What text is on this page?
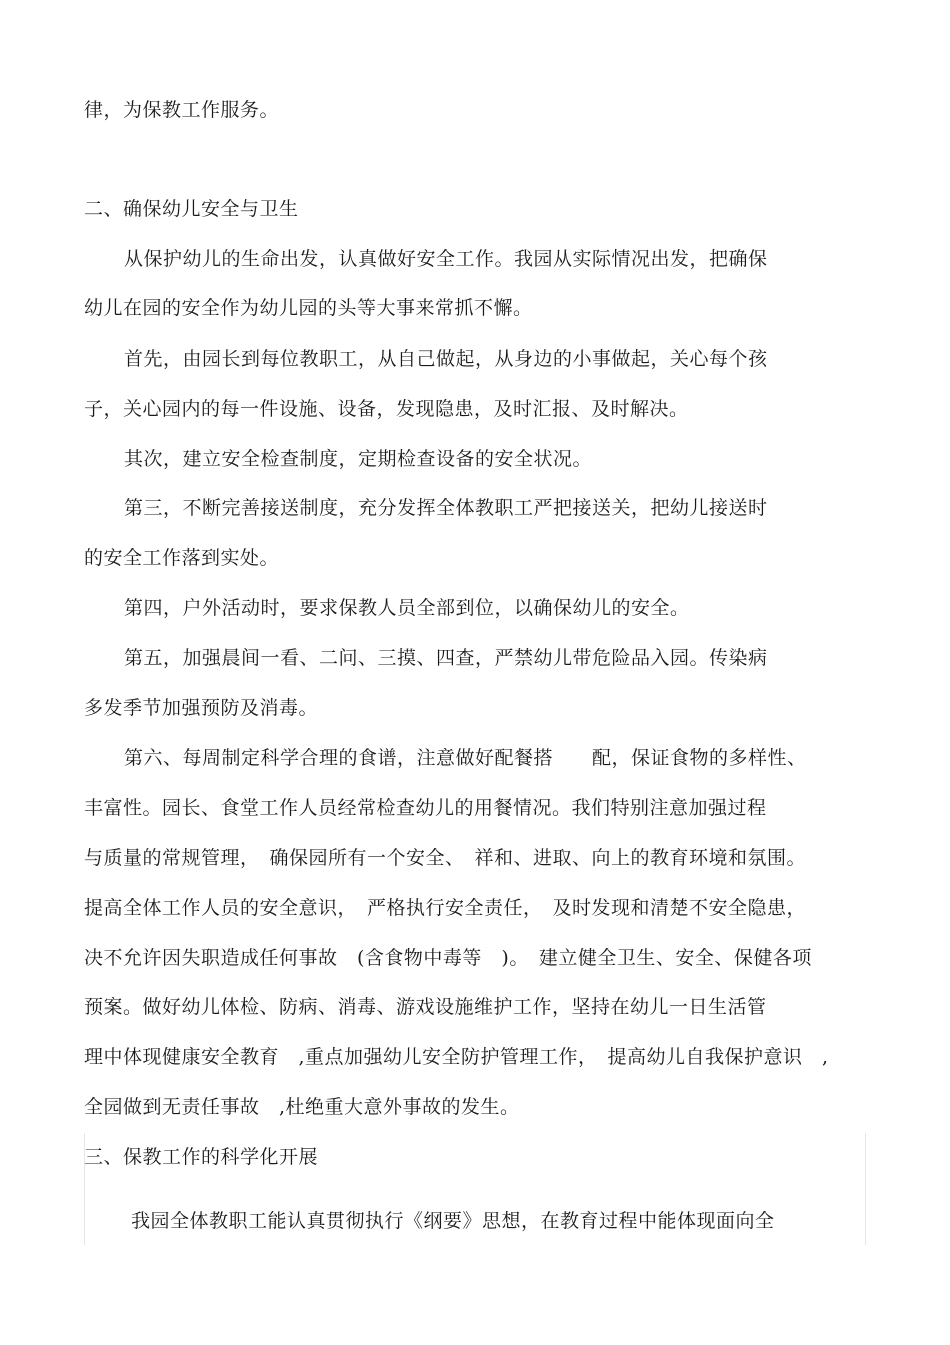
律，为保教工作服务。
二、确保幼儿安全与卫生
从保护幼儿的生命出发，认真做好安全工作。我园从实际情况出发，把确保
幼儿在园的安全作为幼儿园的头等大事来常抓不懈。
首先，由园长到每位教职工，从自己做起，从身边的小事做起，关心每个孩
子，关心园内的每一件设施、设备，发现隐患，及时汇报、及时解决。
其次，建立安全检查制度，定期检查设备的安全状况。
第三，不断完善接送制度，充分发挥全体教职工严把接送关，把幼儿接送时
的安全工作落到实处。
第四，户外活动时，要求保教人员全部到位，以确保幼儿的安全。
第五，加强晨间一看、二问、三摸、四查，严禁幼儿带危险品入园。传染病
多发季节加强预防及消毒。
第六、每周制定科学合理的食谱，注意做好配餐搭　　配，保证食物的多样性、
丰富性。园长、食堂工作人员经常检查幼儿的用餐情况。我们特别注意加强过程
与质量的常规管理，　确保园所有一个安全、　祥和、进取、向上的教育环境和氛围。
提高全体工作人员的安全意识，　严格执行安全责任，　及时发现和清楚不安全隐患，
决不允许因失职造成任何事故　(含食物中毒等　)。　建立健全卫生、安全、保健各项
预案。做好幼儿体检、防病、消毒、游戏设施维护工作，坚持在幼儿一日生活管
理中体现健康安全教育　,重点加强幼儿安全防护管理工作，　提高幼儿自我保护意识　,
全园做到无责任事故　,杜绝重大意外事故的发生。
三、保教工作的科学化开展
我园全体教职工能认真贯彻执行《纲要》思想，在教育过程中能体现面向全
